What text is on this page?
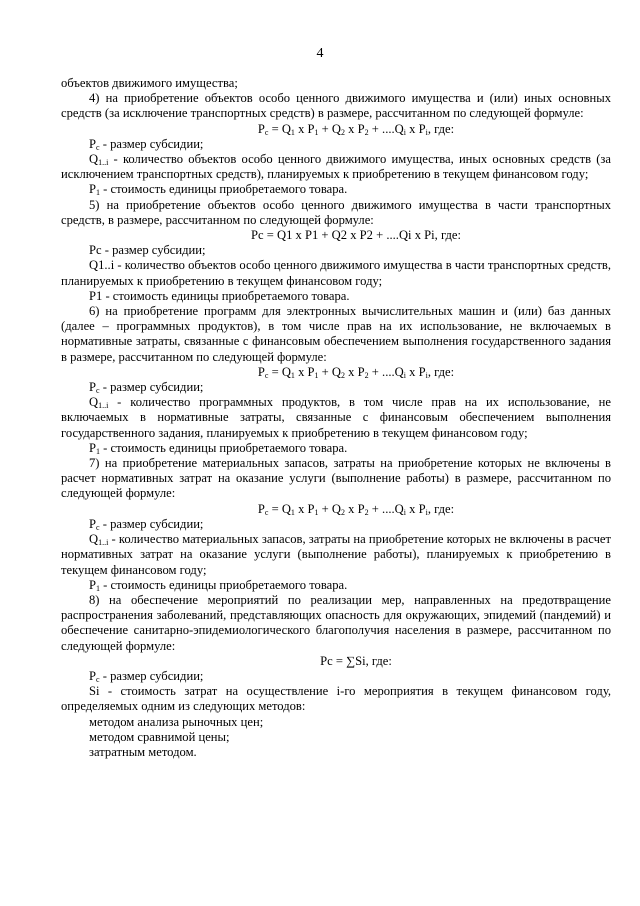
4

объектов движимого имущества;

4) на приобретение объектов особо ценного движимого имущества и (или) иных основных средств (за исключение транспортных средств) в размере, рассчитанном по следующей формуле:

$P_c = Q_1$ x $P_1 + Q_2$ x $P_2 + ....Q_i$ x $P_i$, где:

$P_c$ - размер субсидии;

$Q_{1..i}$ - количество объектов особо ценного движимого имущества, иных основных средств (за исключением транспортных средств), планируемых к приобретению в текущем финансовом году;

$P_1$ - стоимость единицы приобретаемого товара.

5) на приобретение объектов особо ценного движимого имущества в части транспортных средств, в размере, рассчитанном по следующей формуле:

Pc = Q1 x P1 + Q2 x P2 + ....Qi x Pi, где:

Pc - размер субсидии;

Q1..i - количество объектов особо ценного движимого имущества в части транспортных средств, планируемых к приобретению в текущем финансовом году;

P1 - стоимость единицы приобретаемого товара.

6) на приобретение программ для электронных вычислительных машин и (или) баз данных (далее – программных продуктов), в том числе прав на их использование, не включаемых в нормативные затраты, связанные с финансовым обеспечением выполнения государственного задания в размере, рассчитанном по следующей формуле:

$P_c = Q_1$ x $P_1 + Q_2$ x $P_2 + ....Q_i$ x $P_i$, где:

$P_c$ - размер субсидии;

$Q_{1..i}$ - количество программных продуктов, в том числе прав на их использование, не включаемых в нормативные затраты, связанные с финансовым обеспечением выполнения государственного задания, планируемых к приобретению в текущем финансовом году;

$P_1$ - стоимость единицы приобретаемого товара.

7) на приобретение материальных запасов, затраты на приобретение которых не включены в расчет нормативных затрат на оказание услуги (выполнение работы) в размере, рассчитанном по следующей формуле:

$P_c = Q_1$ x $P_1 + Q_2$ x $P_2 + ....Q_i$ x $P_i$, где:

$P_c$ - размер субсидии;

$Q_{1..i}$ - количество материальных запасов, затраты на приобретение которых не включены в расчет нормативных затрат на оказание услуги (выполнение работы), планируемых к приобретению в текущем финансовом году;

$P_1$ - стоимость единицы приобретаемого товара.

8) на обеспечение мероприятий по реализации мер, направленных на предотвращение распространения заболеваний, представляющих опасность для окружающих, эпидемий (пандемий) и обеспечение санитарно-эпидемиологического благополучия населения в размере, рассчитанном по следующей формуле:

Pc = ∑Si, где:

$P_c$ - размер субсидии;

Si - стоимость затрат на осуществление i-го мероприятия в текущем финансовом году, определяемых одним из следующих методов:

методом анализа рыночных цен;

методом сравнимой цены;

затратным методом.
